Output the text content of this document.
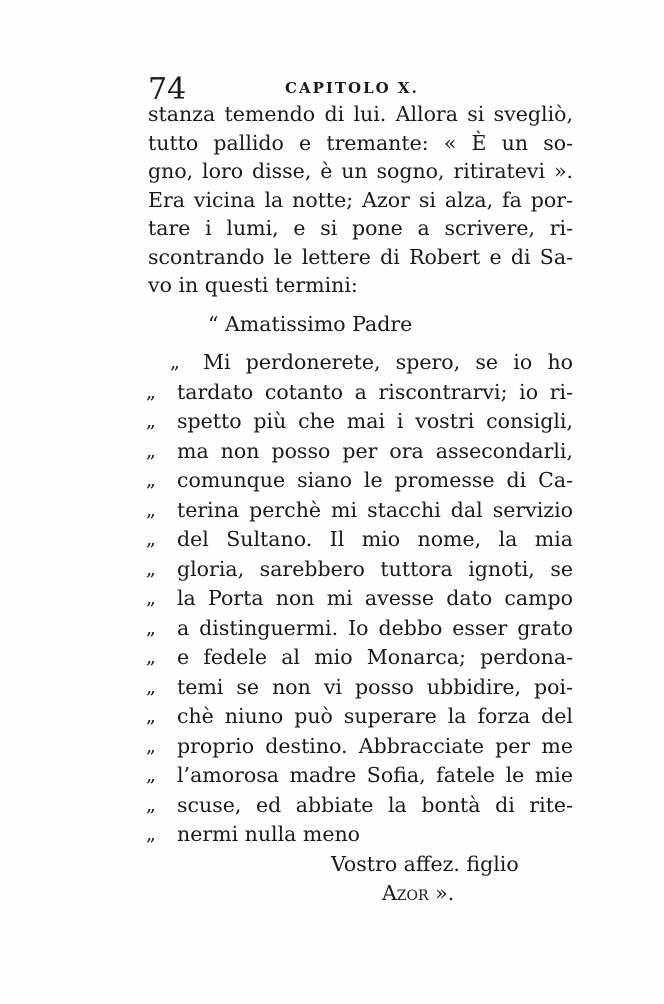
74	CAPITOLO X.
stanza temendo di lui. Allora si svegliò,
tutto pallido e tremante: « È un so-
gno, loro disse, è un sogno, ritiratevi ».
Era vicina la notte; Azor si alza, fa por-
tare i lumi, e si pone a scrivere, ri-
scontrando le lettere di Robert e di Sa-
vo in questi termini:
“ Amatissimo Padre
„	Mi perdonerete, spero, se io ho
„	tardato cotanto a riscontrarvi; io ri-
„	spetto più che mai i vostri consigli,
„	ma non posso per ora assecondarli,
„	comunque siano le promesse di Ca-
„	terina perchè mi stacchi dal servizio
„	del Sultano. Il mio nome, la mia
„	gloria, sarebbero tuttora ignoti, se
„	la Porta non mi avesse dato campo
„	a distinguermi. Io debbo esser grato
„	e fedele al mio Monarca; perdona-
„	temi se non vi posso ubbidire, poi-
„	chè niuno può superare la forza del
„	proprio destino. Abbracciate per me
„	l’amorosa madre Sofia, fatele le mie
„	scuse, ed abbiate la bontà di rite-
„	nermi nulla meno
Vostro affez. figlio
Azor ».
